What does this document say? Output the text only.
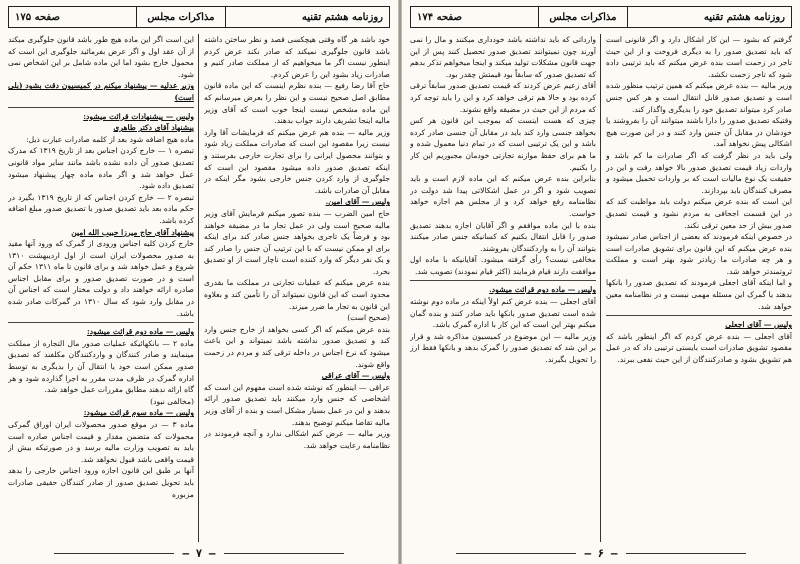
روزنامه هشتم تقنیه
مذاکرات مجلس
صفحه ۱۷۵

این است اگر این ماده هیچ طور باشد قانون جلوگیری میکند از آن عقد اول و اگر عرض بفرمائید جلوگیری این است که محمول خارج بشود اما این ماده شامل بر این اشخاص نمی شود.

وزیر عدلیه — پیشنهاد میکنم در کمیسیون دقت بشود (بلی است)

ولیس — پیشنهادات قرائت میشود:

پیشنهاد آقای دکتر طاهری

ماده هیچ اضافه شود بعد از کلمه صادرات عبارت ذیل:

تبصره ۱ — خارج کردن اجناس بعد از تاریخ ۱۳۱۹ که مدرک تصدیق صدور آن داده نشده باشد مانند سایر مواد قانونی عمل خواهد شد و اگر ماده ماده چهار پیشنهاد میشود تصدیق داده شود.

تبصره ۲ — خارج کردن اجناس که از تاریخ ۱۳۱۹ بگیرد در حکم ماده بعد باید تصدیق صدور با تصدیق صدور مبلغ اضافه کرده باشد.

پیشنهاد آقای حاج میرزا حبیب الله امین

خارج کردن کلیه اجناس ورودی از گمرک که ورود آنها مقید به صدور محصولات ایران است از اول اردیبهشت ۱۳۱۰ شروع و عمل خواهد شد و برای قانون تا ماه ۱۳۱۱ حکم آن است و در صورت تصدیق صدور و برای مقابل اجناس صادره ارائه خواهند داد و دولت مختار است که اجناس آن در مقابل وارد شود که سال ۱۳۱۰ در گمرکات صادر شده باشد.

ولیس — ماده دوم قرائت میشود:

ماده ۲ — بانکهائیکه عملیات صدور مال التجاره از مملکت مینمایند و صادر کنندگان و واردکنندگان مکلفند که تصدیق صدور ممکن است خود یا انتقال آن را بدیگری به توسط اداره گمرک در ظرف مدت مقرر به اجرا گذارده شود و هر گاه ارائه ندهند مطابق مقررات عمل خواهد شد.

(مخالفی نبود)

ولیس — ماده سوم قرائت میشود:

ماده ۳ — در موقع صدور محصولات ایران اوراق گمرکی محمولات که متضمن مقدار و قیمت اجناس صادره است باید به تصویب وزارت مالیه برسد و در صورتیکه بیش از قیمت واقعی باشد قبول نخواهد شد.

آنها بر طبق این قانون اجازه ورود اجناس خارجی را بدهد باید تحویل تصدیق صدور از صادر کنندگان حقیقی صادرات مزبوره

خود باشد هر گاه وقتی هیچکسی قصد و نظر ساختن داشته باشد قانون جلوگیری نمیکند که صادر نکند عرض کردم اینطور نیست اگر ما میخواهیم که از مملکت صادر کنیم و صادرات زیاد بشود این را عرض کردم.

حاج آقا رضا رفیع — بنده نظرم اینست که این ماده قانون مطابق اصل صحیح نیست و این نظر را بعرض میرسانم که این ماده مشخص نیست اینجا خوب است که آقای وزیر مالیه اینجا تشریف دارند جواب بدهند.

وزیر مالیه — بنده هم عرض میکنم که فرمایشات آقا وارد نیست زیرا مقصود این است که صادرات مملکت زیاد شود و بتوانند محصول ایرانی را برای تجارت خارجی بفرستند و اینکه تصدیق صدور داده میشود مقصود این است که جلوگیری از وارد کردن جنس خارجی بشود مگر اینکه در مقابل آن صادرات باشد.

ولیس — آقای امین.

حاج امین الضرب — بنده تصور میکنم فرمایش آقای وزیر مالیه صحیح است ولی در عمل تجار ما در مضیقه خواهند بود و فرضاً یک تاجری بخواهد جنس صادر کند برای اینکه برای او ممکن نیست که با این ترتیب آن جنس را صادر کند و یک نفر دیگر که وارد کننده است ناچار است از او تصدیق بخرد.

بنده عرض میکنم که عملیات تجارتی در مملکت ما بقدری محدود است که این قانون نمیتواند آن را تأمین کند و بعلاوه این قانون به تجار ما ضرر میزند.

(صحیح است)

بنده عرض میکنم که اگر کسی بخواهد از خارج جنس وارد کند و تصدیق صدور نداشته باشد نمیتواند و این باعث میشود که نرخ اجناس در داخله ترقی کند و مردم در زحمت واقع شوند.

ولیس — آقای عراقی

عراقی — اینطور که نوشته شده است مفهوم این است که اشخاصی که جنس وارد میکنند باید تصدیق صدور ارائه بدهند و این در عمل بسیار مشکل است و بنده از آقای وزیر مالیه تقاضا میکنم توضیح بدهند.

وزیر مالیه — عرض کنم اشکالی ندارد و آنچه فرمودند در نظامنامه رعایت خواهد شد.

— ۷ —
روزنامه هشتم تقنیه
مذاکرات مجلس
صفحه ۱۷۴

وارداتی که باید نداشته باشد خودداری میکنند و مال را نمی آورند چون نمیتوانند تصدیق صدور تحصیل کنند پس از این جهت قانون مشکلات تولید میکند و اینجا میخواهم تذکر بدهم که تصدیق صدور که سابقاً بود قیمتش چقدر بود.

آقای زعیم عرض کردند که قیمت تصدیق صدور سابقاً ترقی کرده بود و حالا هم ترقی خواهد کرد و این را باید توجه کرد که مردم از این حیث در مضیقه واقع نشوند.

چیزی که هست اینست که بموجب این قانون هر کس بخواهد جنسی وارد کند باید در مقابل آن جنسی صادر کرده باشد و این یک ترتیبی است که در تمام دنیا معمول شده و ما هم برای حفظ موازنه تجارتی خودمان مجبوریم این کار را بکنیم.

بنابراین بنده عرض میکنم که این ماده لازم است و باید تصویب شود و اگر در عمل اشکالاتی پیدا شد دولت در نظامنامه رفع خواهد کرد و از مجلس هم اجازه خواهد خواست.

بنده با این ماده موافقم و اگر آقایان اجازه بدهند تصدیق صدور را قابل انتقال بکنیم که کسانیکه جنس صادر میکنند بتوانند آن را به واردکنندگان بفروشند.

مخالفی نیست؟ رأی گرفته میشود. آقایانیکه با ماده اول موافقت دارند قیام فرمایند (اکثر قیام نمودند) تصویب شد.

ولیس — ماده دوم قرائت میشود.

آقای اجعلی — بنده عرض کنم اولاً اینکه در ماده دوم نوشته شده است تصدیق صدور بانکها باید صادر کنند و بنده گمان میکنم بهتر این است که این کار با اداره گمرک باشد.

وزیر مالیه — این موضوع در کمیسیون مذاکره شد و قرار بر این شد که تصدیق صدور را گمرک بدهد و بانکها فقط ارز را تحویل بگیرند.

گرفتم که بشود — این کار اشکال دارد و اگر قانونی است که باید تصدیق صدور را به دیگری فروخت و از این حیث تاجر در زحمت است بنده عرض میکنم که باید ترتیبی داده شود که تاجر زحمت نکشد.

وزیر مالیه — بنده عرض میکنم که همین ترتیب منظور شده است و تصدیق صدور قابل انتقال است و هر کس جنس صادر کرد میتواند تصدیق خود را بدیگری واگذار کند.

وقتیکه تصدیق صدور را دارا باشند میتوانند آن را بفروشند یا خودشان در مقابل آن جنس وارد کنند و در این صورت هیچ اشکالی پیش نخواهد آمد.

ولی باید در نظر گرفت که اگر صادرات ما کم باشد و واردات زیاد قیمت تصدیق صدور بالا خواهد رفت و این در حقیقت یک نوع مالیات است که بر واردات تحمیل میشود و مصرف کنندگان باید بپردازند.

این است که بنده عرض میکنم دولت باید مواظبت کند که در این قسمت اجحافی به مردم نشود و قیمت تصدیق صدور بیش از حد معین ترقی نکند.

در خصوص اینکه فرمودند که بعضی از اجناس صادر نمیشود بنده عرض میکنم که این قانون برای تشویق صادرات است و هر چه صادرات ما زیادتر شود بهتر است و مملکت ثروتمندتر خواهد شد.

و اما اینکه آقای اجعلی فرمودند که تصدیق صدور را بانکها بدهند یا گمرک این مسئله مهمی نیست و در نظامنامه معین خواهد شد.

ولیس — آقای اجعلی

آقای اجعلی — بنده عرض کردم که اگر اینطور باشد که مقصود تشویق صادرات است بایستی ترتیبی داد که در عمل هم تشویق بشود و صادرکنندگان از این حیث نفعی ببرند.

— ۶ —
